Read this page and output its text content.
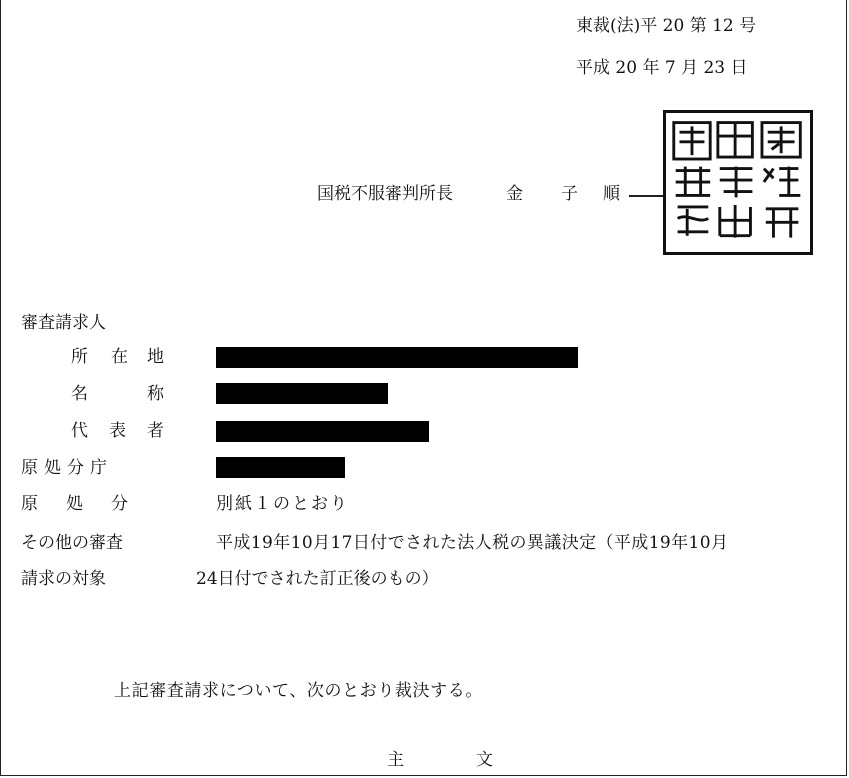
東裁(法)平 20 第 12 号
平成 20 年 7 月 23 日
国税不服審判所長	金 子 順
審査請求人
所 在 地
名	称
代 表 者
原処分庁
原 処 分	別紙１のとおり
その他の審査	平成19年10月17日付でされた法人税の異議決定（平成19年10月
請求の対象	24日付でされた訂正後のもの）
上記審査請求について、次のとおり裁決する。
主	文
